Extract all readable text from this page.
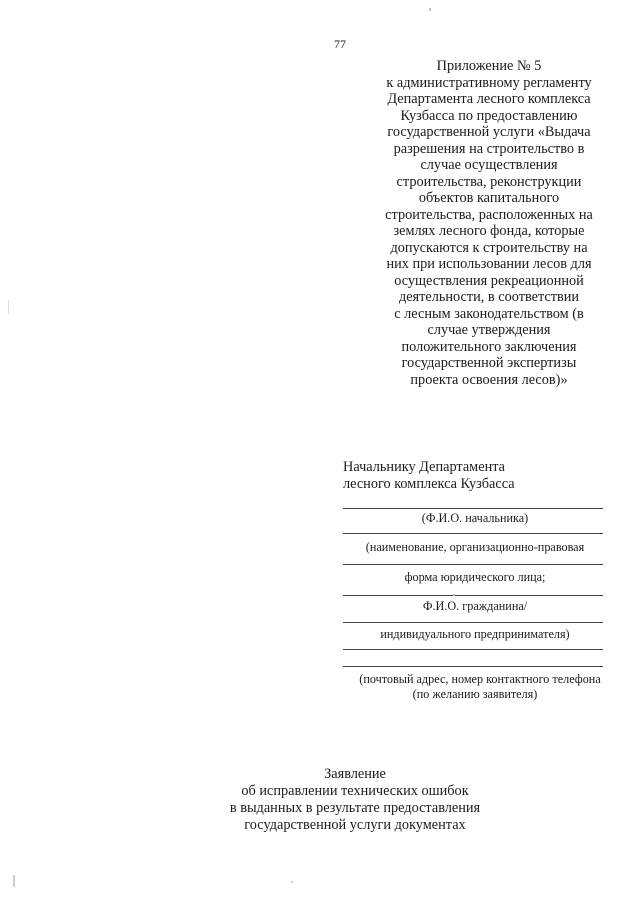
77
Приложение № 5
к административному регламенту
Департамента лесного комплекса
Кузбасса по предоставлению
государственной услуги «Выдача
разрешения на строительство в
случае осуществления
строительства, реконструкции
объектов капитального
строительства, расположенных на
землях лесного фонда, которые
допускаются к строительству на
них при использовании лесов для
осуществления рекреационной
деятельности, в соответствии
с лесным законодательством (в
случае утверждения
положительного заключения
государственной экспертизы
проекта освоения лесов)»
Начальнику Департамента
лесного комплекса Кузбасса
(Ф.И.О. начальника)
(наименование, организационно-правовая
форма юридического лица;
Ф.И.О. гражданина/
индивидуального предпринимателя)
(почтовый адрес, номер контактного телефона
(по желанию заявителя)
Заявление
об исправлении технических ошибок
в выданных в результате предоставления
государственной услуги документах
